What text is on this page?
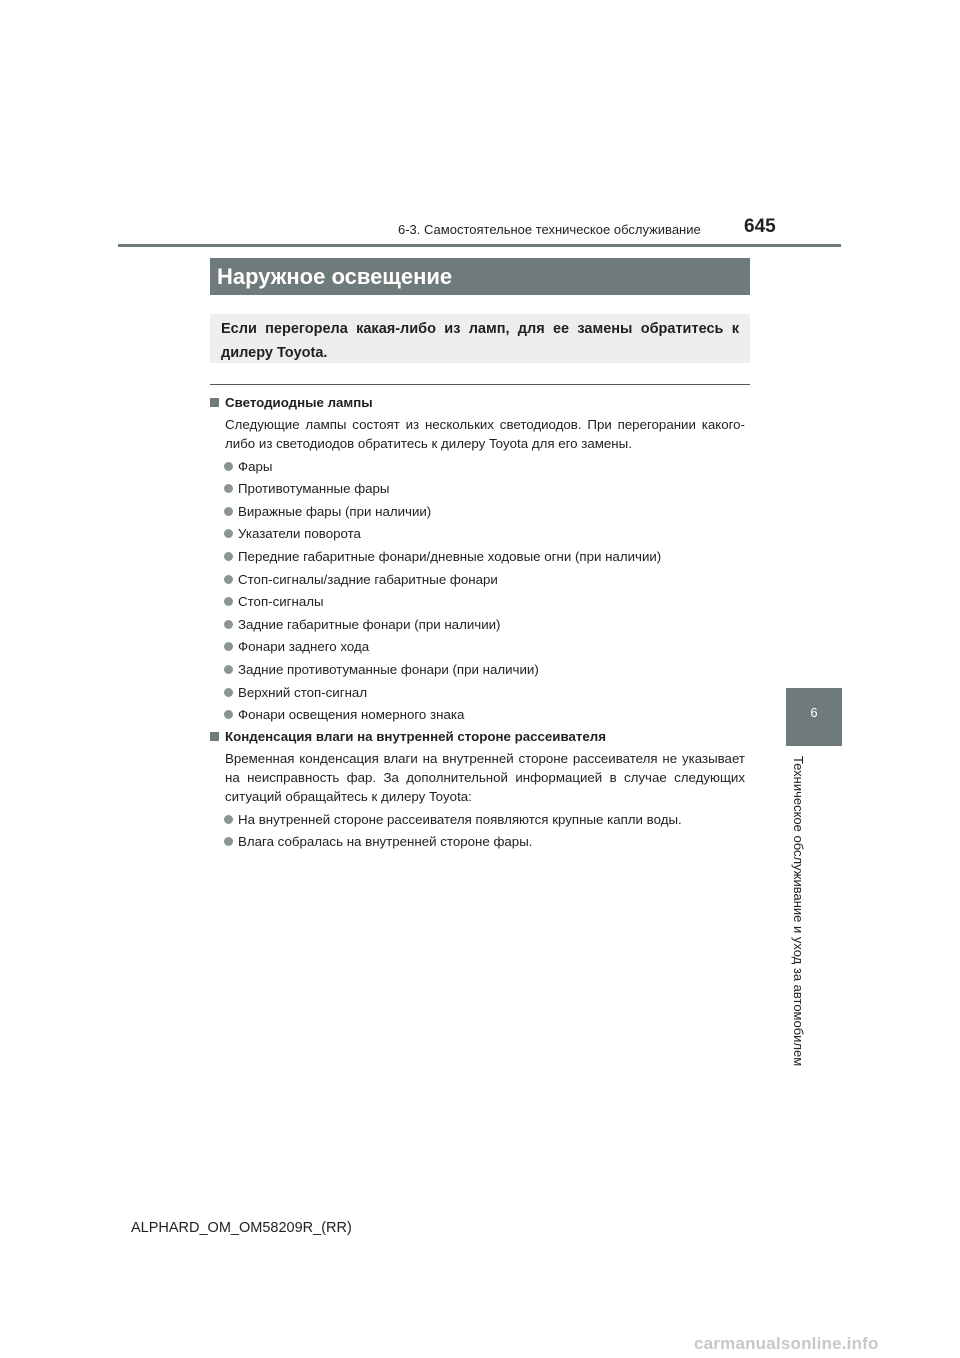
6-3. Самостоятельное техническое обслуживание 645
Наружное освещение
Если перегорела какая-либо из ламп, для ее замены обратитесь к дилеру Toyota.
Светодиодные лампы
Следующие лампы состоят из нескольких светодиодов. При перегорании какого-либо из светодиодов обратитесь к дилеру Toyota для его замены.
Фары
Противотуманные фары
Виражные фары (при наличии)
Указатели поворота
Передние габаритные фонари/дневные ходовые огни (при наличии)
Стоп-сигналы/задние габаритные фонари
Стоп-сигналы
Задние габаритные фонари (при наличии)
Фонари заднего хода
Задние противотуманные фонари (при наличии)
Верхний стоп-сигнал
Фонари освещения номерного знака
Конденсация влаги на внутренней стороне рассеивателя
Временная конденсация влаги на внутренней стороне рассеивателя не указывает на неисправность фар. За дополнительной информацией в случае следующих ситуаций обращайтесь к дилеру Toyota:
На внутренней стороне рассеивателя появляются крупные капли воды.
Влага собралась на внутренней стороне фары.
6
Техническое обслуживание и уход за автомобилем
ALPHARD_OM_OM58209R_(RR)
carmanualsonline.info
